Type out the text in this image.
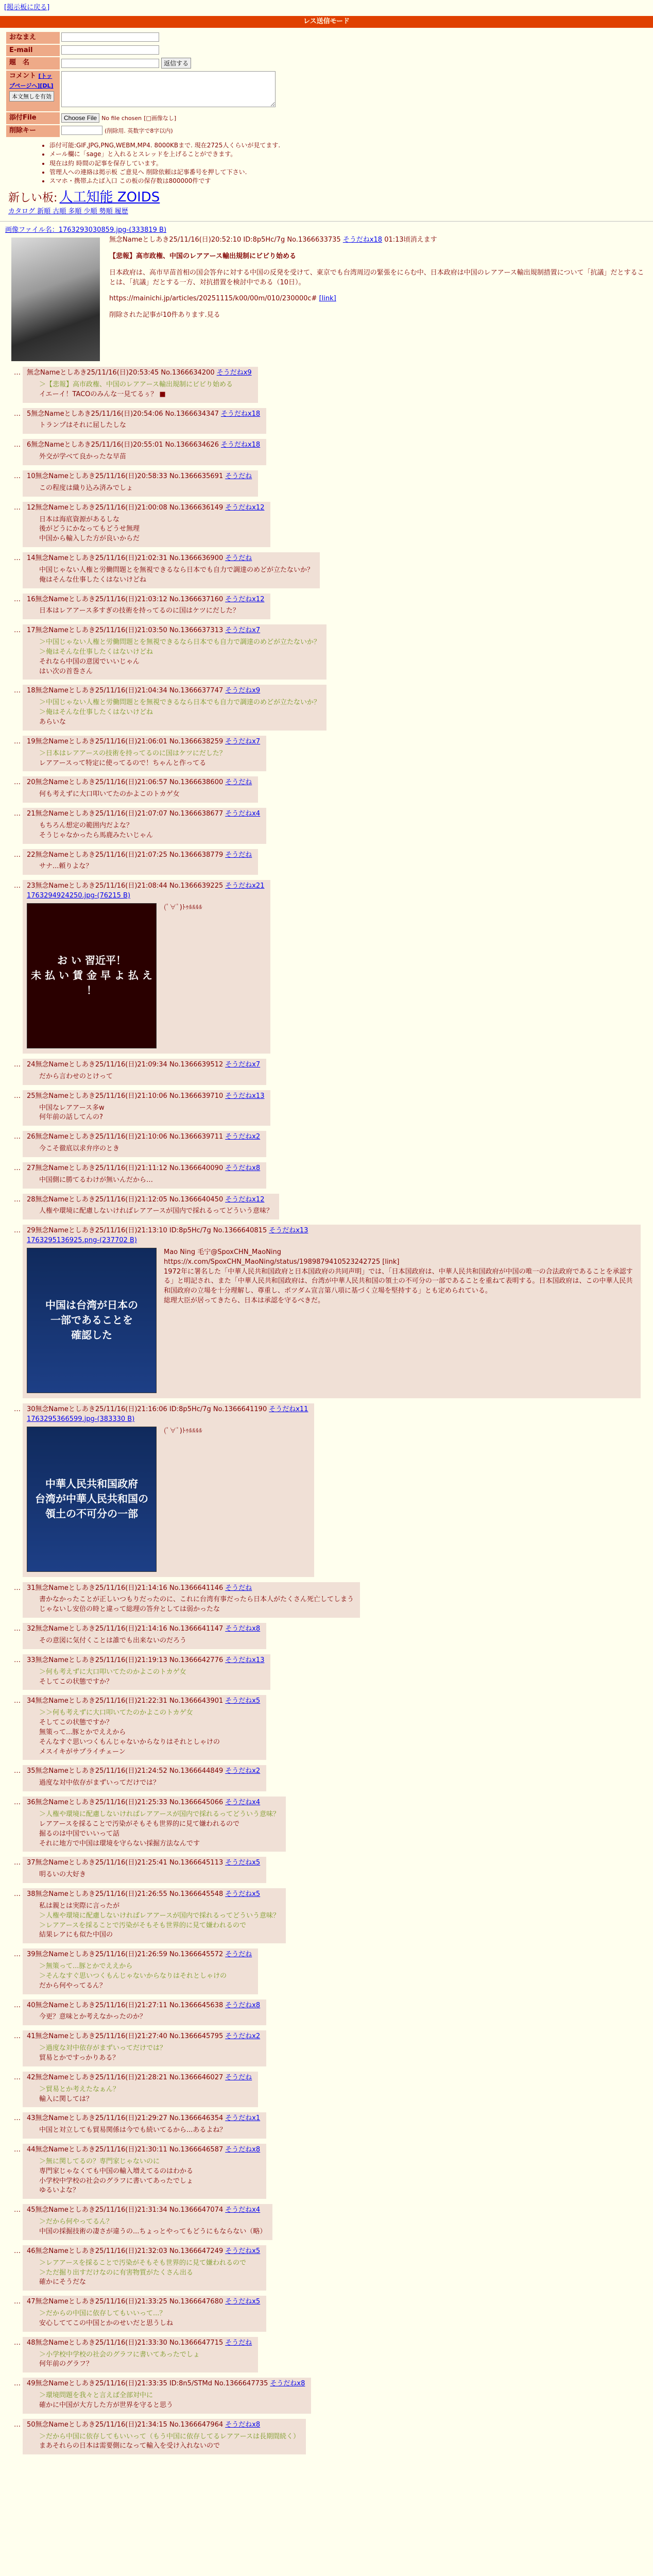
[掲示板に戻る]
レス送信モード
おなまえ	
E-mail	
題　名	返信する
コメント [トップページへ][DL] 本文無しを有効	
添付File	Choose File No file chosen [□画像なし]
削除キー	(削除用. 英数字で8字以内)
• 添付可能:GIF,JPG,PNG,WEBM,MP4. 8000KBまで. 現在2725人くらいが見てます.
• メール欄に「sage」と入れるとスレッドを上げることができます。
• 現在は約 時間の記事を保存しています。
• 管理人への連絡は掲示板 ご意見へ 削除依頼は記事番号を押して下さい.
• スマホ・携帯ふたば入口 この板の保存数は800000件です
新しい板: 人工知能 ZOIDS
カタログ 新順 古順 多順 少順 勢順 履歴
画像ファイル名：1763293030859.jpg-(333819 B)
無念Nameとしあき25/11/16(日)20:52:10 ID:8p5Hc/7g No.1366633735 そうだねx18 01:13頃消えます

【悲報】高市政権、中国のレアアース輸出規制にビビり始める

日本政府は、高市早苗首相の国会答弁に対する中国の反発を受けて、東京でも台湾周辺の緊張をにらむ中、日本政府は中国のレアアース輸出規制措置について「抗議」だとすることは、「抗議」だとする一方、対抗措置を検討中である（10日）。

https://mainichi.jp/articles/20251115/k00/00m/010/230000c# [link]

削除された記事が10件あります.見る

…	無念Nameとしあき25/11/16(日)20:53:45 No.1366634200 そうだねx9
＞【悲報】高市政権、中国のレアアース輸出規制にビビり始める
イエーイ！TACOのみんな一見てるぅ？ ■
…	5無念Nameとしあき25/11/16(日)20:54:06 No.1366634347 そうだねx18
トランプはそれに屈したしな
…	6無念Nameとしあき25/11/16(日)20:55:01 No.1366634626 そうだねx18
外交が学べて良かったな早苗
…	10無念Nameとしあき25/11/16(日)20:58:33 No.1366635691 そうだね
この程度は織り込み済みでしょ
…	12無念Nameとしあき25/11/16(日)21:00:08 No.1366636149 そうだねx12
日本は海底資源があるしな
後がどうにかなってもどうせ無理
中国から輸入した方が良いからだ
…	14無念Nameとしあき25/11/16(日)21:02:31 No.1366636900 そうだね
中国じゃない人権と労働問題とを無視できるなら日本でも自力で調達のめどが立たないか？
俺はそんな仕事したくはないけどね
…	16無念Nameとしあき25/11/16(日)21:03:12 No.1366637160 そうだねx12
日本はレアアース多すぎの技術を持ってるのに国はケツにだした？
…	17無念Nameとしあき25/11/16(日)21:03:50 No.1366637313 そうだねx7
＞中国じゃない人権と労働問題とを無視できるなら日本でも自力で調達のめどが立たないか？
＞俺はそんな仕事したくはないけどね
それなら中国の意図でいいじゃん
はい次の首巻さん
…	18無念Nameとしあき25/11/16(日)21:04:34 No.1366637747 そうだねx9
＞中国じゃない人権と労働問題とを無視できるなら日本でも自力で調達のめどが立たないか？
＞俺はそんな仕事したくはないけどね
あらいな
…	19無念Nameとしあき25/11/16(日)21:06:01 No.1366638259 そうだねx7
＞日本はレアアースの技術を持ってるのに国はケツにだした？
レアアースって特定に使ってるので！ちゃんと作ってる
…	20無念Nameとしあき25/11/16(日)21:06:57 No.1366638600 そうだね
何も考えずに大口叩いてたのかよこのトカゲ女
…	21無念Nameとしあき25/11/16(日)21:07:07 No.1366638677 そうだねx4
もちろん想定の範囲内だよな？
そうじゃなかったら馬鹿みたいじゃん
…	22無念Nameとしあき25/11/16(日)21:07:25 No.1366638779 そうだね
サナ...頼りよな？
…	23無念Nameとしあき25/11/16(日)21:08:44 No.1366639225 そうだねx21
1763294924250.jpg-(76215 B)
お い 習近平！
未 払 い 賃 金 早 よ 払 え ！
(ﾟ∀ﾟ)ﾄｩﾙﾙﾙﾙ
…	24無念Nameとしあき25/11/16(日)21:09:34 No.1366639512 そうだねx7
だから言わせのとけって
…	25無念Nameとしあき25/11/16(日)21:10:06 No.1366639710 そうだねx13
中国なレアアース多w
何年前の話してんの?
…	26無念Nameとしあき25/11/16(日)21:10:06 No.1366639711 そうだねx2
今こそ徹底以求弁序のとき
…	27無念Nameとしあき25/11/16(日)21:11:12 No.1366640090 そうだねx8
中国側に勝てるわけが無いんだから…
…	28無念Nameとしあき25/11/16(日)21:12:05 No.1366640450 そうだねx12
人権や環境に配慮しないければレアアースが国内で採れるってどういう意味？
…	29無念Nameとしあき25/11/16(日)21:13:10 ID:8p5Hc/7g No.1366640815 そうだねx13
1763295136925.png-(237702 B)
中国は台湾が日本の
一部であることを
確認した
Mao Ning 毛宁@SpoxCHN_MaoNing
https://x.com/SpoxCHN_MaoNing/status/1989879410523242725 [link]
1972年に署名した「中華人民共和国政府と日本国政府の共同声明」では、「日本国政府は、中華人民共和国政府が中国の唯一の合法政府であることを承認する」と明記され、また「中華人民共和国政府は、台湾が中華人民共和国の領土の不可分の一部であることを重ねて表明する。日本国政府は、この中華人民共和国政府の立場を十分理解し、尊重し、ポツダム宣言第八項に基づく立場を堅持する」とも定められている。
総理大臣が居ってきたら、日本は承認を守るべきだ。
…	30無念Nameとしあき25/11/16(日)21:16:06 ID:8p5Hc/7g No.1366641190 そうだねx11
1763295366599.jpg-(383330 B)
中華人民共和国政府
台湾が中華人民共和国の
領土の不可分の一部

(ﾟ∀ﾟ)ﾄｩﾙﾙﾙﾙ
…	31無念Nameとしあき25/11/16(日)21:14:16 No.1366641146 そうだね
書かなかったことが正しいつもりだったのに、これに台湾有事だったら日本人がたくさん死亡してしまう
じゃないし安倍の時と違って総理の答弁としては弱かったな
…	32無念Nameとしあき25/11/16(日)21:14:16 No.1366641147 そうだねx8
その意図に気付くことは誰でも出来ないのだろう
…	33無念Nameとしあき25/11/16(日)21:19:13 No.1366642776 そうだねx13
＞何も考えずに大口叩いてたのかよこのトカゲ女
そしてこの状態ですか？
…	34無念Nameとしあき25/11/16(日)21:22:31 No.1366643901 そうだねx5
＞＞何も考えずに大口叩いてたのかよこのトカゲ女
そしてこの状態ですか？
無策って...豚とかでええから
そんなすぐ思いつくもんじゃないからなりはそれとしゃけの
メスイキがサプライチェーン
…	35無念Nameとしあき25/11/16(日)21:24:52 No.1366644849 そうだねx2
過度な対中依存がまずいってだけでは？
…	36無念Nameとしあき25/11/16(日)21:25:33 No.1366645066 そうだねx4
＞人権や環境に配慮しないければレアアースが国内で採れるってどういう意味？
レアアースを採ることで汚染がそもそも世界的に見て嫌われるので
掘るのは中国でいいって話
それに地方で中国は環境を守らない採掘方法なんです
…	37無念Nameとしあき25/11/16(日)21:25:41 No.1366645113 そうだねx5
明るいの大好き
…	38無念Nameとしあき25/11/16(日)21:26:55 No.1366645548 そうだねx5
私は親とは実際に言ったが
＞人権や環境に配慮しないければレアアースが国内で採れるってどういう意味？
＞レアアースを採ることで汚染がそもそも世界的に見て嫌われるので
結果レアにも似た中国の
…	39無念Nameとしあき25/11/16(日)21:26:59 No.1366645572 そうだね
＞無策って...豚とかでええから
＞そんなすぐ思いつくもんじゃないからなりはそれとしゃけの
だから何やってるん？
…	40無念Nameとしあき25/11/16(日)21:27:11 No.1366645638 そうだねx8
今更？意味とか考えなかったのか？
…	41無念Nameとしあき25/11/16(日)21:27:40 No.1366645795 そうだねx2
＞過度な対中依存がまずいってだけでは？
貿易とかですっかりある？
…	42無念Nameとしあき25/11/16(日)21:28:21 No.1366646027 そうだね
＞貿易とか考えたなぁん？
輸入に関しては？
…	43無念Nameとしあき25/11/16(日)21:29:27 No.1366646354 そうだねx1
中国と対立しても貿易関係は今でも続いてるから...あるよね？
…	44無念Nameとしあき25/11/16(日)21:30:11 No.1366646587 そうだねx8
＞無に関してるの？専門家じゃないのに
専門家じゃなくても中国の輸入増えてるのはわかる
小学校中学校の社会のグラフに書いてあったでしょ
ゆるいよな？
…	45無念Nameとしあき25/11/16(日)21:31:34 No.1366647074 そうだねx4
＞だから何やってるん？
中国の採掘技術の凄さが違うの...ちょっとやってもどうにもならない（略）
…	46無念Nameとしあき25/11/16(日)21:32:03 No.1366647249 そうだねx5
＞レアアースを採ることで汚染がそもそも世界的に見て嫌われるので
＞ただ掘り出すだけなのに有害物質がたくさん出る
確かにそうだな
…	47無念Nameとしあき25/11/16(日)21:33:25 No.1366647680 そうだねx5
＞だからの中国に依存してもいいって...？
安心しててこの中国とかのせいだと思うしね
…	48無念Nameとしあき25/11/16(日)21:33:30 No.1366647715 そうだね
＞小学校中学校の社会のグラフに書いてあったでしょ
何年前のグラフ？
…	49無念Nameとしあき25/11/16(日)21:33:35 ID:8n5/STMd No.1366647735 そうだねx8
＞環境問題を我々と言えば全部対中に
確かに中国が大方した方が世界を守ると思う
…	50無念Nameとしあき25/11/16(日)21:34:15 No.1366647964 そうだねx8
＞だから中国に依存してもいいって（もう中国に依存してるレアアースは長期間続く）
まあそれらの日本は需要側になって輸入を受け入れないので
